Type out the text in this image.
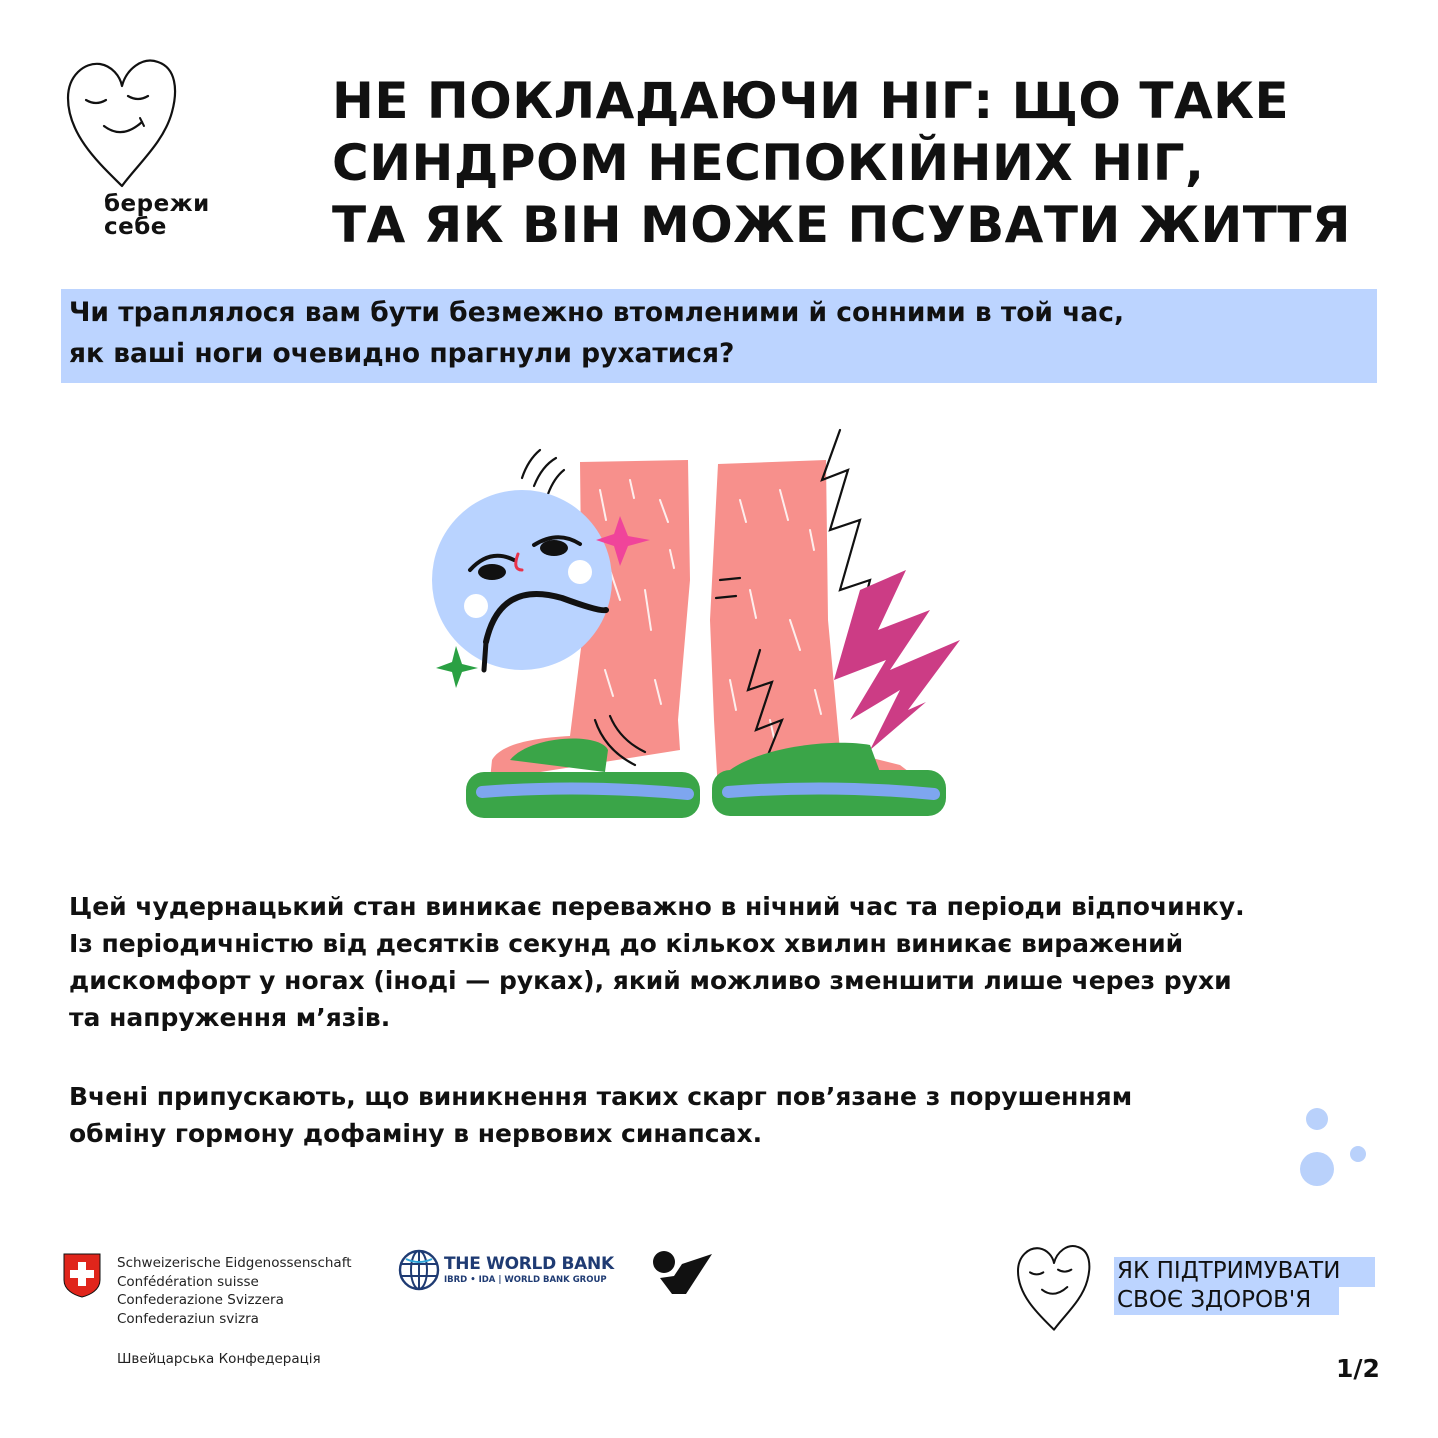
бережи
себе
НЕ ПОКЛАДАЮЧИ НІГ: ЩО ТАКЕ
СИНДРОМ НЕСПОКІЙНИХ НІГ,
ТА ЯК ВІН МОЖЕ ПСУВАТИ ЖИТТЯ
Чи траплялося вам бути безмежно втомленими й сонними в той час,
як ваші ноги очевидно прагнули рухатися?
Цей чудернацький стан виникає переважно в нічний час та періоди відпочинку.
Із періодичністю від десятків секунд до кількох хвилин виникає виражений
дискомфорт у ногах (іноді — руках), який можливо зменшити лише через рухи
та напруження м’язів.
Вчені припускають, що виникнення таких скарг пов’язане з порушенням
обміну гормону дофаміну в нервових синапсах.
Schweizerische Eidgenossenschaft
Confédération suisse
Confederazione Svizzera
Confederaziun svizra
Швейцарська Конфедерація
THE WORLD BANK
IBRD • IDA | WORLD BANK GROUP	ЯК ПІДТРИМУВАТИ
СВОЄ ЗДОРОВ'Я
1/2
